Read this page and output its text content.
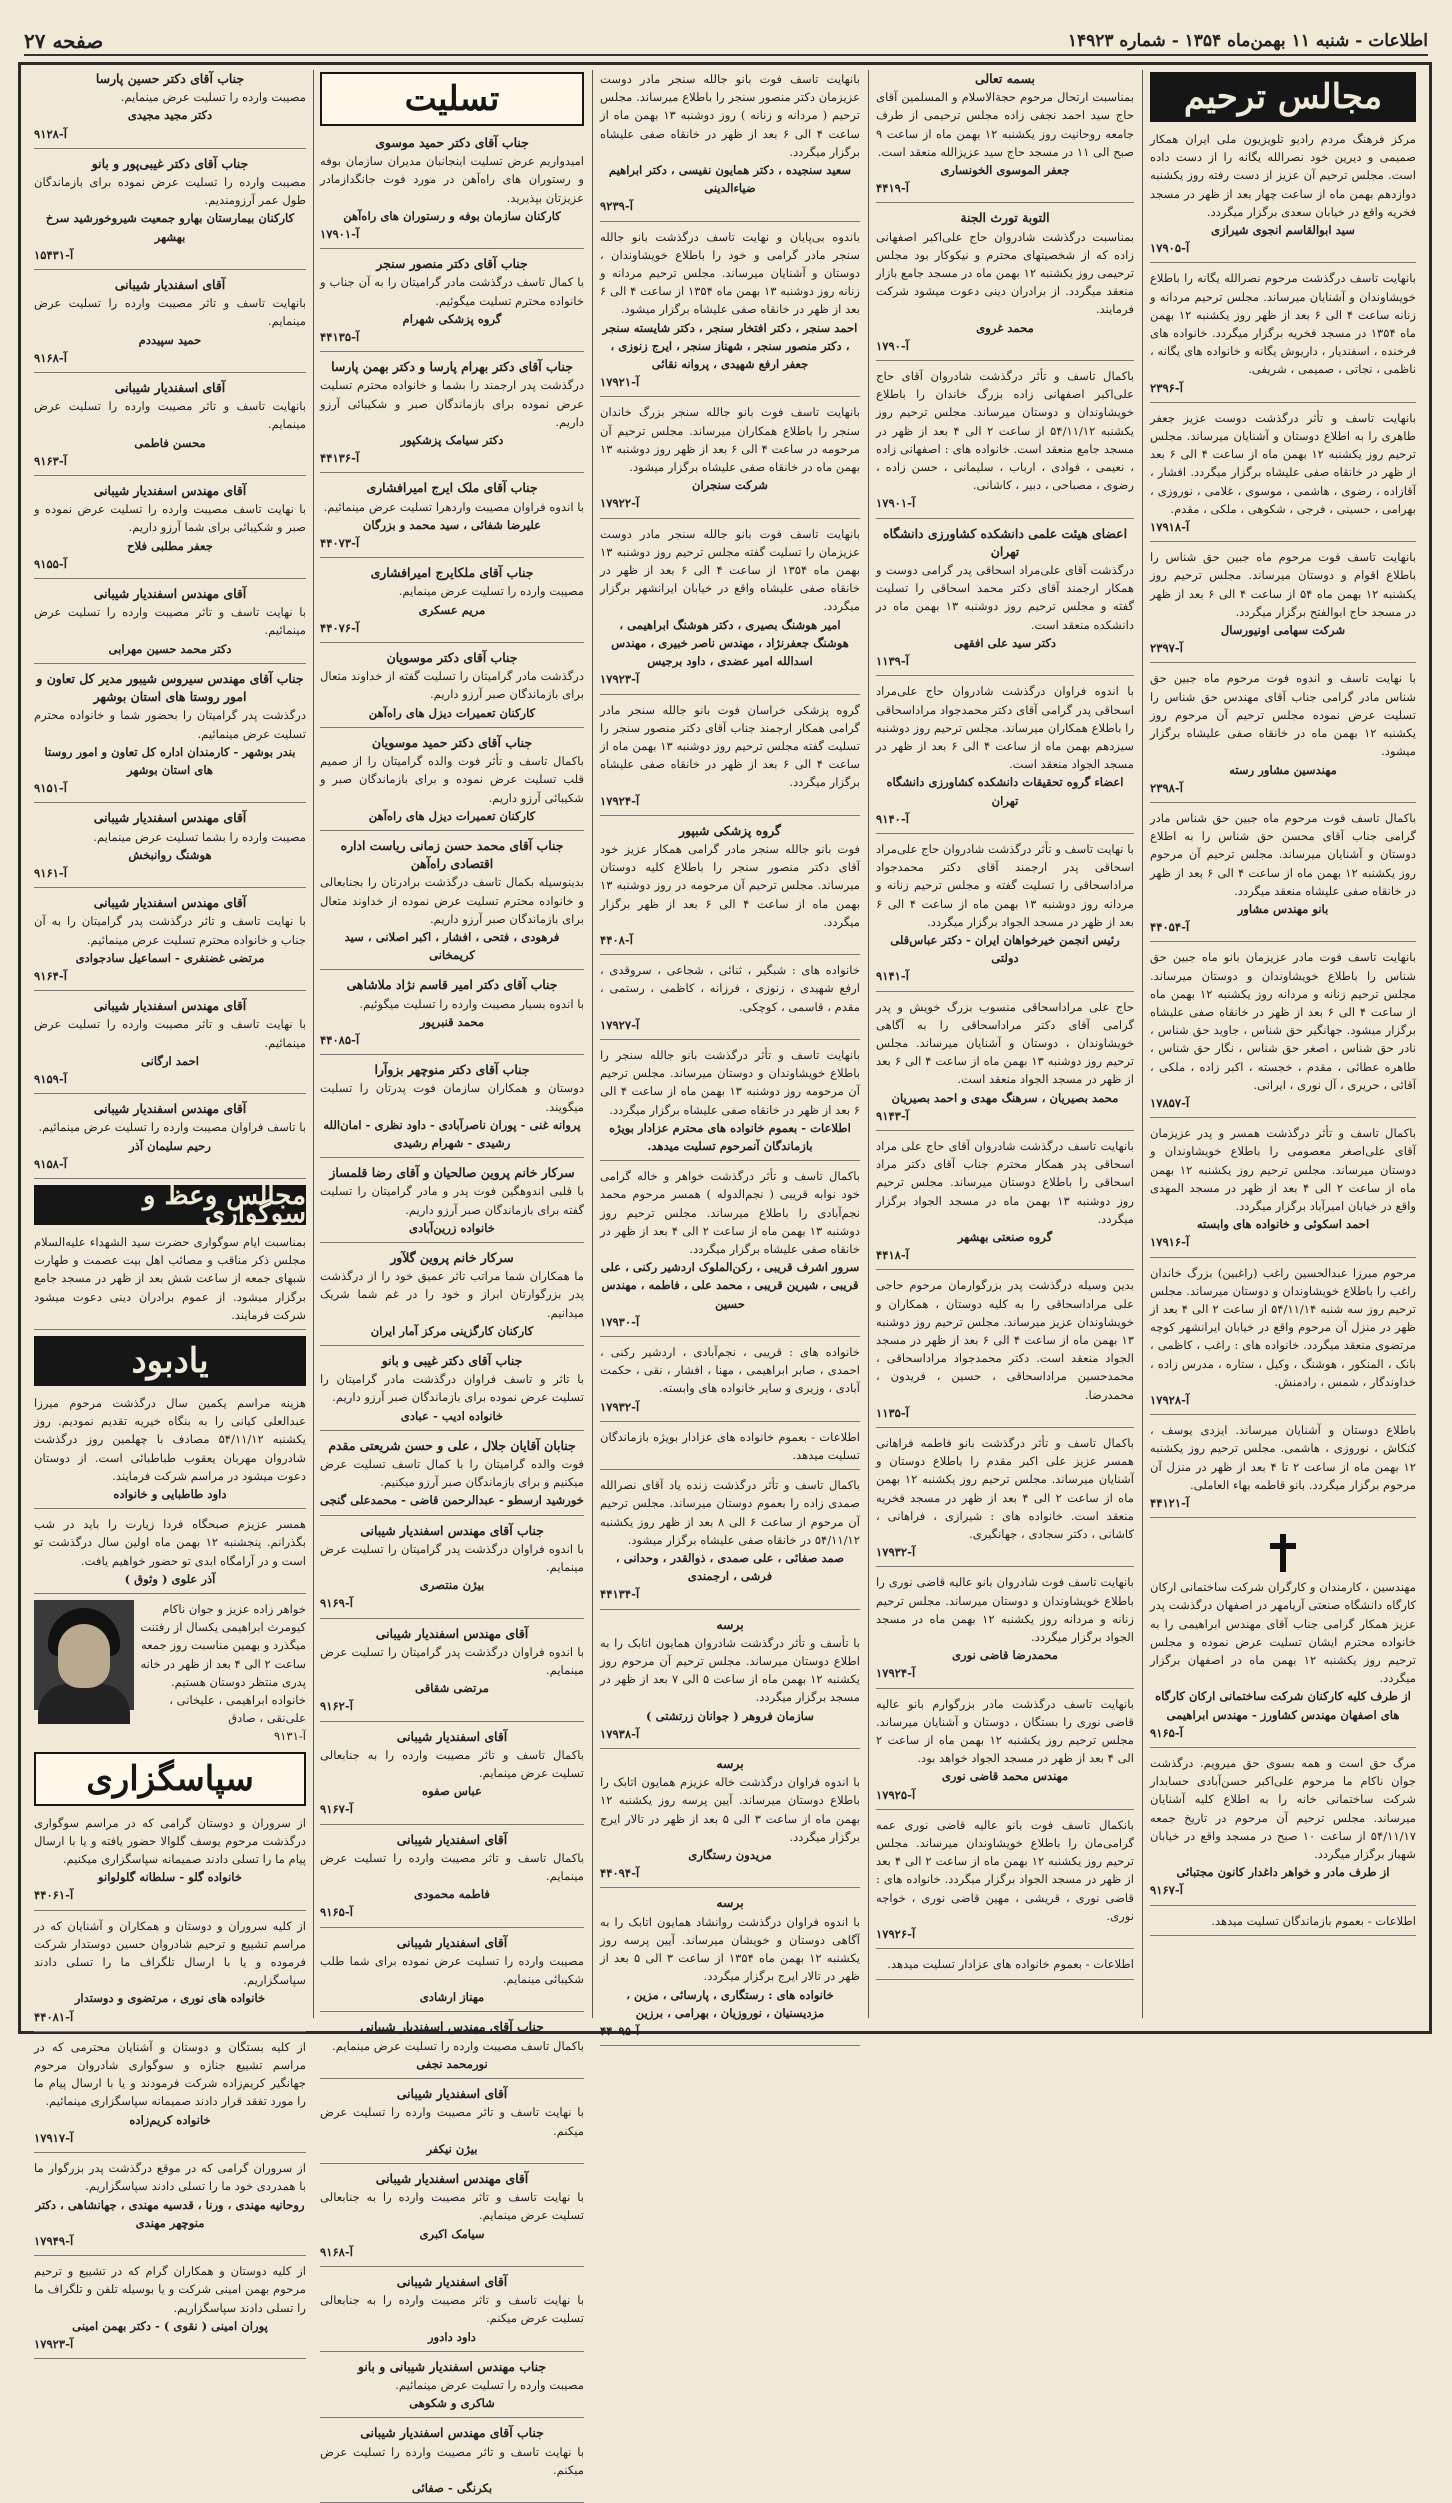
اطلاعات - شنبه ۱۱ بهمن‌ماه ۱۳۵۴ - شماره ۱۴۹۲۳
صفحه ۲۷
مجالس ترحیم
مرکز فرهنگ مردم رادیو تلویزیون ملی ایران همکار صمیمی و دیرین خود نصرالله یگانه را از دست داده است. مجلس ترحیم آن عزیز از دست رفته روز یکشنبه دوازدهم بهمن ماه از ساعت چهار بعد از ظهر در مسجد فخریه واقع در خیابان سعدی برگزار میگردد.
سید ابوالقاسم انجوی شیرازی
آ-۱۷۹۰۵
بانهایت تاسف درگذشت مرحوم نصرالله یگانه را باطلاع خویشاوندان و آشنایان میرساند. مجلس ترحیم مردانه و زنانه ساعت ۴ الی ۶ بعد از ظهر روز یکشنبه ۱۲ بهمن ماه ۱۳۵۴ در مسجد فخریه برگزار میگردد. خانواده های فرخنده ، اسفندیار ، داریوش یگانه و خانواده های یگانه ، ناظمی ، نجاتی ، صمیمی ، شریفی.
آ-۲۳۹۶
بانهایت تاسف و تأثر درگذشت دوست عزیز جعفر طاهری را به اطلاع دوستان و آشنایان میرساند. مجلس ترحیم روز یکشنبه ۱۲ بهمن ماه از ساعت ۴ الی ۶ بعد از ظهر در خانقاه صفی علیشاه برگزار میگردد. افشار ، آقازاده ، رضوی ، هاشمی ، موسوی ، غلامی ، نوروزی ، بهرامی ، حسینی ، فرجی ، شکوهی ، ملکی ، مقدم.
آ-۱۷۹۱۸
بانهایت تاسف فوت مرحوم ماه جبین حق شناس را باطلاع اقوام و دوستان میرساند. مجلس ترحیم روز یکشنبه ۱۲ بهمن ماه ۵۴ از ساعت ۴ الی ۶ بعد از ظهر در مسجد حاج ابوالفتح برگزار میگردد.
شرکت سهامی اونیورسال
آ-۲۳۹۷
با نهایت تاسف و اندوه فوت مرحوم ماه جبین حق شناس مادر گرامی جناب آقای مهندس حق شناس را تسلیت عرض نموده مجلس ترحیم آن مرحوم روز یکشنبه ۱۲ بهمن ماه در خانقاه صفی علیشاه برگزار میشود.
مهندسین مشاور رسته
آ-۲۳۹۸
باکمال تاسف فوت مرحوم ماه جبین حق شناس مادر گرامی جناب آقای محسن حق شناس را به اطلاع دوستان و آشنایان میرساند. مجلس ترحیم آن مرحوم روز یکشنبه ۱۲ بهمن ماه از ساعت ۴ الی ۶ بعد از ظهر در خانقاه صفی علیشاه منعقد میگردد.
بانو مهندس مشاور
آ-۴۴۰۵۴
بانهایت تاسف فوت مادر عزیزمان بانو ماه جبین حق شناس را باطلاع خویشاوندان و دوستان میرساند. مجلس ترحیم زنانه و مردانه روز یکشنبه ۱۲ بهمن ماه از ساعت ۴ الی ۶ بعد از ظهر در خانقاه صفی علیشاه برگزار میشود. جهانگیر حق شناس ، جاوید حق شناس ، نادر حق شناس ، اصغر حق شناس ، نگار حق شناس ، طاهره عطائی ، مقدم ، خجسته ، اکبر زاده ، ملکی ، آقائی ، حریری ، آل نوری ، ایرانی.
آ-۱۷۸۵۷
باکمال تاسف و تأثر درگذشت همسر و پدر عزیزمان آقای علی‌اصغر معصومی را باطلاع خویشاوندان و دوستان میرساند. مجلس ترحیم روز یکشنبه ۱۲ بهمن ماه از ساعت ۲ الی ۴ بعد از ظهر در مسجد المهدی واقع در خیابان امیرآباد برگزار میگردد.
احمد اسکوئی و خانواده های وابسته
آ-۱۷۹۱۶
مرحوم میرزا عبدالحسین راغب (راغبین) بزرگ خاندان راغب را باطلاع خویشاوندان و دوستان میرساند. مجلس ترحیم روز سه شنبه ۵۴/۱۱/۱۴ از ساعت ۲ الی ۴ بعد از ظهر در منزل آن مرحوم واقع در خیابان ایرانشهر کوچه مرتضوی منعقد میگردد. خانواده های : راغب ، کاظمی ، بانک ، المنکور ، هوشنگ ، وکیل ، ستاره ، مدرس زاده ، خداوندگار ، شمس ، رادمنش.
آ-۱۷۹۲۸
باطلاع دوستان و آشنایان میرساند. ایزدی یوسف ، کنکاش ، نوروزی ، هاشمی. مجلس ترحیم روز یکشنبه ۱۲ بهمن ماه از ساعت ۲ تا ۴ بعد از ظهر در منزل آن مرحوم برگزار میگردد. بانو قاطمه بهاء العاملی.
آ-۴۴۱۲۱
مهندسین ، کارمندان و کارگران شرکت ساختمانی ارکان کارگاه دانشگاه صنعتی آریامهر در اصفهان درگذشت پدر عزیز همکار گرامی جناب آقای مهندس ابراهیمی را به خانواده محترم ایشان تسلیت عرض نموده و مجلس ترحیم روز یکشنبه ۱۲ بهمن ماه در اصفهان برگزار میگردد.
از طرف کلیه کارکنان شرکت ساختمانی ارکان کارگاه های اصفهان مهندس کشاورز - مهندس ابراهیمی
آ-۹۱۶۵
مرگ حق است و همه بسوی حق میرویم. درگذشت جوان ناکام ما مرحوم علی‌اکبر حسن‌آبادی حسابدار شرکت ساختمانی خانه را به اطلاع کلیه آشنایان میرساند. مجلس ترحیم آن مرحوم در تاریخ جمعه ۵۴/۱۱/۱۷ از ساعت ۱۰ صبح در مسجد واقع در خیابان شهباز برگزار میگردد.
از طرف مادر و خواهر داغدار کانون مجتبائی
آ-۹۱۶۷
اطلاعات - بعموم بازماندگان تسلیت میدهد.
بسمه تعالی
بمناسبت ارتحال مرحوم حجة‌الاسلام و المسلمین آقای حاج سید احمد نجفی زاده مجلس ترحیمی از طرف جامعه روحانیت روز یکشنبه ۱۲ بهمن ماه از ساعت ۹ صبح الی ۱۱ در مسجد حاج سید عزیزالله منعقد است.
جعفر الموسوی الخونساری
آ-۴۴۱۹
التوبة تورث الجنة
بمناسبت درگذشت شادروان حاج علی‌اکبر اصفهانی زاده که از شخصیتهای محترم و نیکوکار بود مجلس ترحیمی روز یکشنبه ۱۲ بهمن ماه در مسجد جامع بازار منعقد میگردد. از برادران دینی دعوت میشود شرکت فرمایند.
محمد غروی
آ-۱۷۹۰
باکمال تاسف و تأثر درگذشت شادروان آقای حاج علی‌اکبر اصفهانی زاده بزرگ خاندان را باطلاع خویشاوندان و دوستان میرساند. مجلس ترحیم روز یکشنبه ۵۴/۱۱/۱۲ از ساعت ۲ الی ۴ بعد از ظهر در مسجد جامع منعقد است. خانواده های : اصفهانی زاده ، نعیمی ، فوادی ، ارباب ، سلیمانی ، حسن زاده ، رضوی ، مصباحی ، دبیر ، کاشانی.
آ-۱۷۹۰۱
اعضای هیئت علمی دانشکده کشاورزی دانشگاه تهران
درگذشت آقای علی‌مراد اسحاقی پدر گرامی دوست و همکار ارجمند آقای دکتر محمد اسحاقی را تسلیت گفته و مجلس ترحیم روز دوشنبه ۱۳ بهمن ماه در دانشکده منعقد است.
دکتر سید علی افقهی
آ-۱۱۳۹
با اندوه فراوان درگذشت شادروان حاج علی‌مراد اسحاقی پدر گرامی آقای دکتر محمد‌جواد مراداسحاقی را باطلاع همکاران میرساند. مجلس ترحیم روز دوشنبه سیزدهم بهمن ماه از ساعت ۴ الی ۶ بعد از ظهر در مسجد الجواد منعقد است.
اعضاء گروه تحقیقات دانشکده کشاورزی دانشگاه تهران
آ-۹۱۴۰
با نهایت تاسف و تأثر درگذشت شادروان حاج علی‌مراد اسحاقی پدر ارجمند آقای دکتر محمد‌جواد مراداسحاقی را تسلیت گفته و مجلس ترحیم زنانه و مردانه روز دوشنبه ۱۳ بهمن ماه از ساعت ۴ الی ۶ بعد از ظهر در مسجد الجواد برگزار میگردد.
رئیس انجمن خیرخواهان ایران - دکتر عباس‌قلی دولتی
آ-۹۱۴۱
حاج علی مراداسحاقی منسوب بزرگ خویش و پدر گرامی آقای دکتر مراداسحاقی را به آگاهی خویشاوندان ، دوستان و آشنایان میرساند. مجلس ترحیم روز دوشنبه ۱۳ بهمن ماه از ساعت ۴ الی ۶ بعد از ظهر در مسجد الجواد منعقد است.
محمد بصیریان ، سرهنگ مهدی و احمد بصیریان
آ-۹۱۴۳
بانهایت تاسف درگذشت شادروان آقای حاج علی مراد اسحاقی پدر همکار محترم جناب آقای دکتر مراد اسحاقی را باطلاع دوستان میرساند. مجلس ترحیم روز دوشنبه ۱۳ بهمن ماه در مسجد الجواد برگزار میگردد.
گروه صنعتی بهشهر
آ-۴۴۱۸
بدین وسیله درگذشت پدر بزرگوارمان مرحوم حاجی علی مراداسحاقی را به کلیه دوستان ، همکاران و خویشاوندان عزیز میرساند. مجلس ترحیم روز دوشنبه ۱۳ بهمن ماه از ساعت ۴ الی ۶ بعد از ظهر در مسجد الجواد منعقد است. دکتر محمد‌جواد مراداسحاقی ، محمدحسین مراداسحاقی ، حسین ، فریدون ، محمدرضا.
آ-۱۱۳۵
باکمال تاسف و تأثر درگذشت بانو فاطمه فراهانی همسر عزیز علی اکبر مقدم را باطلاع دوستان و آشنایان میرساند. مجلس ترحیم روز یکشنبه ۱۲ بهمن ماه از ساعت ۲ الی ۴ بعد از ظهر در مسجد فخریه منعقد است. خانواده های : شیرازی ، فراهانی ، کاشانی ، دکتر سجادی ، جهانگیری.
آ-۱۷۹۳۲
بانهایت تاسف فوت شادروان بانو عالیه قاضی نوری را باطلاع خویشاوندان و دوستان میرساند. مجلس ترحیم زنانه و مردانه روز یکشنبه ۱۲ بهمن ماه در مسجد الجواد برگزار میگردد.
محمدرضا قاضی نوری
آ-۱۷۹۲۴
بانهایت تاسف درگذشت مادر بزرگوارم بانو عالیه قاضی نوری را بستگان ، دوستان و آشنایان میرساند. مجلس ترحیم روز یکشنبه ۱۲ بهمن ماه از ساعت ۲ الی ۴ بعد از ظهر در مسجد الجواد خواهد بود.
مهندس محمد قاضی نوری
آ-۱۷۹۲۵
بانکمال تاسف فوت بانو عالیه قاضی نوری عمه گرامی‌مان را باطلاع خویشاوندان میرساند. مجلس ترحیم روز یکشنبه ۱۲ بهمن ماه از ساعت ۲ الی ۴ بعد از ظهر در مسجد الجواد برگزار میگردد. خانواده های : قاضی نوری ، قریشی ، مهین قاضی نوری ، خواجه نوری.
آ-۱۷۹۲۶
اطلاعات - بعموم خانواده های عزادار تسلیت میدهد.
بانهایت تاسف فوت بانو جالله سنجر مادر دوست عزیزمان دکتر منصور سنجر را باطلاع میرساند. مجلس ترحیم ( مردانه و زنانه ) روز دوشنبه ۱۳ بهمن ماه از ساعت ۴ الی ۶ بعد از ظهر در خانقاه صفی علیشاه برگزار میگردد.
سعید سنجیده ، دکتر همایون نفیسی ، دکتر ابراهیم ضیاءالدینی
آ-۹۲۳۹
باندوه بی‌پایان و نهایت تاسف درگذشت بانو جالله سنجر مادر گرامی و خود را باطلاع خویشاوندان ، دوستان و آشنایان میرساند. مجلس ترحیم مردانه و زنانه روز دوشنبه ۱۳ بهمن ماه ۱۳۵۴ از ساعت ۴ الی ۶ بعد از ظهر در خانقاه صفی علیشاه برگزار میشود.
احمد سنجر ، دکتر افتخار سنجر ، دکتر شایسته سنجر ، دکتر منصور سنجر ، شهناز سنجر ، ایرج زنوزی ، جعفر ارفع شهیدی ، پروانه نقائی
آ-۱۷۹۲۱
بانهایت تاسف فوت بانو جالله سنجر بزرگ خاندان سنجر را باطلاع همکاران میرساند. مجلس ترحیم آن مرحومه در ساعت ۴ الی ۶ بعد از ظهر روز دوشنبه ۱۳ بهمن ماه در خانقاه صفی علیشاه برگزار میشود.
شرکت سنجران
آ-۱۷۹۲۲
بانهایت تاسف فوت بانو جالله سنجر مادر دوست عزیزمان را تسلیت گفته مجلس ترحیم روز دوشنبه ۱۳ بهمن ماه ۱۳۵۴ از ساعت ۴ الی ۶ بعد از ظهر در خانقاه صفی علیشاه واقع در خیابان ایرانشهر برگزار میگردد.
امیر هوشنگ بصیری ، دکتر هوشنگ ابراهیمی ، هوشنگ جعفرنژاد ، مهندس ناصر خبیری ، مهندس اسدالله امیر عضدی ، داود برجیس
آ-۱۷۹۲۳
گروه پزشکی خراسان فوت بانو جالله سنجر مادر گرامی همکار ارجمند جناب آقای دکتر منصور سنجر را تسلیت گفته مجلس ترحیم روز دوشنبه ۱۳ بهمن ماه از ساعت ۴ الی ۶ بعد از ظهر در خانقاه صفی علیشاه برگزار میگردد.
آ-۱۷۹۲۴
گروه پزشکی شبپور
فوت بانو جالله سنجر مادر گرامی همکار عزیز خود آقای دکتر منصور سنجر را باطلاع کلیه دوستان میرساند. مجلس ترحیم آن مرحومه در روز دوشنبه ۱۳ بهمن ماه از ساعت ۴ الی ۶ بعد از ظهر برگزار میگردد.
آ-۴۴۰۸
خانواده های : شبگیر ، ثنائی ، شجاعی ، سروقدی ، ارفع شهیدی ، زنوزی ، فرزانه ، کاظمی ، رستمی ، مقدم ، قاسمی ، کوچکی.
آ-۱۷۹۲۷
بانهایت تاسف و تأثر درگذشت بانو جالله سنجر را باطلاع خویشاوندان و دوستان میرساند. مجلس ترحیم آن مرحومه روز دوشنبه ۱۳ بهمن ماه از ساعت ۴ الی ۶ بعد از ظهر در خانقاه صفی علیشاه برگزار میگردد.
اطلاعات - بعموم خانواده های محترم عزادار بویژه بازماندگان آنمرحوم تسلیت میدهد.
باکمال تاسف و تأثر درگذشت خواهر و خاله گرامی خود نوابه قریبی ( نجم‌الدوله ) همسر مرحوم محمد نجم‌آبادی را باطلاع میرساند. مجلس ترحیم روز دوشنبه ۱۳ بهمن ماه از ساعت ۲ الی ۴ بعد از ظهر در خانقاه صفی علیشاه برگزار میگردد.
سرور اشرف قریبی ، رکن‌الملوک اردشیر رکنی ، علی قریبی ، شیرین قریبی ، محمد علی ، فاطمه ، مهندس حسین
آ-۱۷۹۳۰
خانواده های : قریبی ، نجم‌آبادی ، اردشیر رکنی ، احمدی ، صابر ابراهیمی ، مهنا ، افشار ، نقی ، حکمت آبادی ، وزیری و سایر خانواده های وابسته.
آ-۱۷۹۳۲
اطلاعات - بعموم خانواده های عزادار بویژه بازماندگان تسلیت میدهد.
باکمال تاسف و تأثر درگذشت زنده یاد آقای نصرالله صمدی زاده را بعموم دوستان میرساند. مجلس ترحیم آن مرحوم از ساعت ۶ الی ۸ بعد از ظهر روز یکشنبه ۵۴/۱۱/۱۲ در خانقاه صفی علیشاه برگزار میشود.
صمد صفائی ، علی صمدی ، ذوالقدر ، وحدانی ، فرشی ، ارجمندی
آ-۴۴۱۳۴
برسه
با تأسف و تأثر درگذشت شادروان همایون اتابک را به اطلاع دوستان میرساند. مجلس ترحیم آن مرحوم روز یکشنبه ۱۲ بهمن ماه از ساعت ۵ الی ۷ بعد از ظهر در مسجد برگزار میگردد.
سازمان فروهر ( جوانان زرتشتی )
آ-۱۷۹۳۸
برسه
با اندوه فراوان درگذشت خاله عزیزم همایون اتابک را باطلاع دوستان میرساند. آیین پرسه روز یکشنبه ۱۲ بهمن ماه از ساعت ۳ الی ۵ بعد از ظهر در تالار ایرج برگزار میگردد.
مریدون رستگاری
آ-۴۴۰۹۴
برسه
با اندوه فراوان درگذشت روانشاد همایون اتابک را به آگاهی دوستان و خویشان میرساند. آیین پرسه روز یکشنبه ۱۲ بهمن ماه ۱۳۵۴ از ساعت ۳ الی ۵ بعد از ظهر در تالار ایرج برگزار میگردد.
خانواده های : رستگاری ، پارسائی ، مزین ، مزدیسنیان ، نوروزیان ، بهرامی ، برزین
آ-۴۴۰۹۵
تسلیت
جناب آقای دکتر حمید موسوی
امیدواریم عرض تسلیت اینجانبان مدیران سازمان بوفه و رستوران های راه‌آهن در مورد فوت جانگدازمادر عزیزتان بپذیرید.
کارکنان سازمان بوفه و رستوران های راه‌آهن
آ-۱۷۹۰۱
جناب آقای دکتر منصور سنجر
با کمال تاسف درگذشت مادر گرامیتان را به آن جناب و خانواده محترم تسلیت میگوئیم.
گروه پزشکی شهرام
آ-۴۴۱۳۵
جناب آقای دکتر بهرام پارسا و دکتر بهمن پارسا
درگذشت پدر ارجمند را بشما و خانواده محترم تسلیت عرض نموده برای بازماندگان صبر و شکیبائی آرزو داریم.
دکتر سیامک پزشکپور
آ-۴۴۱۳۶
جناب آقای ملک ایرج امیرافشاری
با اندوه فراوان مصیبت واردهرا تسلیت عرض مینمائیم.
علیرضا شفائی ، سید محمد و بزرگان
آ-۴۴۰۷۳
جناب آقای ملکایرج امیرافشاری
مصیبت وارده را تسلیت عرض مینمایم.
مریم عسکری
آ-۴۴۰۷۶
جناب آقای دکتر موسویان
درگذشت مادر گرامیتان را تسلیت گفته از خداوند متعال برای بازماندگان صبر آرزو داریم.
کارکنان تعمیرات دیزل های راه‌آهن
جناب آقای دکتر حمید موسویان
باکمال تاسف و تأثر فوت والده گرامیتان را از صمیم قلب تسلیت عرض نموده و برای بازماندگان صبر و شکیبائی آرزو داریم.
کارکنان تعمیرات دیزل های راه‌آهن
جناب آقای محمد حسن زمانی ریاست اداره اقتصادی راه‌آهن
بدینوسیله بکمال تاسف درگذشت برادرتان را بجنابعالی و خانواده محترم تسلیت عرض نموده از خداوند متعال برای بازماندگان صبر آرزو داریم.
فرهودی ، فتحی ، افشار ، اکبر اصلانی ، سید کریمخانی
جناب آقای دکتر امیر قاسم نژاد ملاشاهی
با اندوه بسیار مصیبت وارده را تسلیت میگوئیم.
محمد قنبرپور
آ-۴۴۰۸۵
جناب آقای دکتر منوچهر بزوآرا
دوستان و همکاران سازمان فوت پدرتان را تسلیت میگویند.
پروانه غنی - پوران ناصرآبادی - داود نظری - امان‌الله رشیدی - شهرام رشیدی
سرکار خانم پروین صالحیان و آقای رضا قلمساز
با قلبی اندوهگین فوت پدر و مادر گرامیتان را تسلیت گفته برای بازماندگان صبر آرزو داریم.
خانواده زرین‌آبادی
سرکار خانم پروین گلآور
ما همکاران شما مراتب تاثر عمیق خود را از درگذشت پدر بزرگوارتان ابراز و خود را در غم شما شریک میدانیم.
کارکنان کارگزینی مرکز آمار ایران
جناب آقای دکتر غیبی و بانو
با تاثر و تاسف فراوان درگذشت مادر گرامیتان را تسلیت عرض نموده برای بازماندگان صبر آرزو داریم.
خانواده ادیب - عبادی
جنابان آقایان جلال ، علی و حسن شریعتی مقدم
فوت والده گرامیتان را با کمال تاسف تسلیت عرض میکنیم و برای بازماندگان صبر آرزو میکنیم.
خورشید ارسطو - عبدالرحمن قاضی - محمدعلی گنجی
جناب آقای مهندس اسفندیار شیبانی
با اندوه فراوان درگذشت پدر گرامیتان را تسلیت عرض مینمایم.
بیژن منتصری
آ-۹۱۶۹
آقای مهندس اسفندیار شیبانی
با اندوه فراوان درگذشت پدر گرامیتان را تسلیت عرض مینمایم.
مرتضی شقاقی
آ-۹۱۶۲
آقای اسفندیار شیبانی
باکمال تاسف و تاثر مصیبت وارده را به جنابعالی تسلیت عرض مینمایم.
عباس صفوه
آ-۹۱۶۷
آقای اسفندیار شیبانی
باکمال تاسف و تاثر مصیبت وارده را تسلیت عرض مینمایم.
فاطمه محمودی
آ-۹۱۶۵
آقای اسفندیار شیبانی
مصیبت وارده را تسلیت عرض نموده برای شما طلب شکیبائی مینمایم.
مهناز ارشادی
جناب آقای مهندس اسفندیار شیبانی
باکمال تاسف مصیبت وارده را تسلیت عرض مینمایم.
نورمحمد نجفی
آقای اسفندیار شیبانی
با نهایت تاسف و تاثر مصیبت وارده را تسلیت عرض میکنم.
بیژن نیکفر
آقای مهندس اسفندیار شیبانی
با نهایت تاسف و تاثر مصیبت وارده را به جنابعالی تسلیت عرض مینمایم.
سیامک اکبری
آ-۹۱۶۸
آقای اسفندیار شیبانی
با نهایت تاسف و تاثر مصیبت وارده را به جنابعالی تسلیت عرض میکنم.
داود دادور
جناب مهندس اسفندیار شیبانی و بانو
مصیبت وارده را تسلیت عرض مینمائیم.
شاکری و شکوهی
جناب آقای مهندس اسفندیار شیبانی
با نهایت تاسف و تاثر مصیبت وارده را تسلیت عرض میکنم.
بکرنگی - صفائی
جناب آقای دکتر حسین پارسا
مصیبت وارده را تسلیت عرض مینمایم.
دکتر مجید مجیدی
آ-۹۱۲۸
جناب آقای دکتر غیبی‌پور و بانو
مصیبت وارده را تسلیت عرض نموده برای بازماندگان طول عمر آرزومندیم.
کارکنان بیمارستان بهارو جمعیت شیروخورشید سرخ بهشهر
آ-۱۵۴۳۱
آقای اسفندیار شیبانی
بانهایت تاسف و تاثر مصیبت وارده را تسلیت عرض مینمایم.
حمید سپیددم
آ-۹۱۶۸
آقای اسفندیار شیبانی
بانهایت تاسف و تاثر مصیبت وارده را تسلیت عرض مینمایم.
محسن فاطمی
آ-۹۱۶۳
آقای مهندس اسفندیار شیبانی
با نهایت تاسف مصیبت وارده را تسلیت عرض نموده و صبر و شکیبائی برای شما آرزو داریم.
جعفر مطلبی فلاح
آ-۹۱۵۵
آقای مهندس اسفندیار شیبانی
با نهایت تاسف و تاثر مصیبت وارده را تسلیت عرض مینمائیم.
دکتر محمد حسین مهرابی
جناب آقای مهندس سیروس شیبور مدیر کل تعاون و امور روستا های استان بوشهر
درگذشت پدر گرامیتان را بحضور شما و خانواده محترم تسلیت عرض مینمائیم.
بندر بوشهر - کارمندان اداره کل تعاون و امور روستا های استان بوشهر
آ-۹۱۵۱
آقای مهندس اسفندیار شیبانی
مصیبت وارده را بشما تسلیت عرض مینمایم.
هوشنگ روانبخش
آ-۹۱۶۱
آقای مهندس اسفندیار شیبانی
با نهایت تاسف و تاثر درگذشت پدر گرامیتان را به آن جناب و خانواده محترم تسلیت عرض مینمائیم.
مرتضی غضنفری - اسماعیل سادجوادی
آ-۹۱۶۴
آقای مهندس اسفندیار شیبانی
با نهایت تاسف و تاثر مصیبت وارده را تسلیت عرض مینمائیم.
احمد ارگانی
آ-۹۱۵۹
آقای مهندس اسفندیار شیبانی
با تاسف فراوان مصیبت وارده را تسلیت عرض مینمائیم.
رحیم سلیمان آذر
آ-۹۱۵۸
مجالس وعظ و سوگواری
بمناسبت ایام سوگواری حضرت سید الشهداء علیه‌السلام مجلس ذکر مناقب و مصائب اهل بیت عصمت و طهارت شبهای جمعه از ساعت شش بعد از ظهر در مسجد جامع برگزار میشود. از عموم برادران دینی دعوت میشود شرکت فرمایند.
یادبود
هزینه مراسم یکمین سال درگذشت مرحوم میرزا عبدالعلی کیانی را به بنگاه خیریه تقدیم نمودیم. روز یکشنبه ۵۴/۱۱/۱۲ مصادف با چهلمین روز درگذشت شادروان مهربان یعقوب طباطبائی است. از دوستان دعوت میشود در مراسم شرکت فرمایند.
داود طاطبایی و خانواده
همسر عزیزم صبحگاه فردا زیارت را باید در شب بگذرانم. پنجشنبه ۱۲ بهمن ماه اولین سال درگذشت تو است و در آرامگاه ابدی تو حضور خواهیم یافت.
آذر علوی ( وثوق )
خواهر زاده عزیز و جوان ناکام کیومرث ابراهیمی یکسال از رفتنت میگذرد و بهمین مناسبت روز جمعه ساعت ۲ الی ۴ بعد از ظهر در خانه پدری منتظر دوستان هستیم.
خانواده ابراهیمی ، علیخانی ، علی‌نقی ، صادق
آ-۹۱۳۱
سپاسگزاری
از سروران و دوستان گرامی که در مراسم سوگواری درگذشت مرحوم یوسف گلوالا حضور یافته و یا با ارسال پیام ما را تسلی دادند صمیمانه سپاسگزاری میکنیم.
خانواده گلو - سلطانه گلولوانو
آ-۴۴۰۶۱
از کلیه سروران و دوستان و همکاران و آشنایان که در مراسم تشییع و ترحیم شادروان حسین دوستدار شرکت فرموده و یا با ارسال تلگراف ما را تسلی دادند سپاسگزاریم.
خانواده های نوری ، مرتضوی و دوستدار
آ-۴۴۰۸۱
از کلیه بستگان و دوستان و آشنایان محترمی که در مراسم تشییع جنازه و سوگواری شادروان مرحوم جهانگیر کریم‌زاده شرکت فرمودند و یا با ارسال پیام ما را مورد تفقد قرار دادند صمیمانه سپاسگزاری مینمائیم.
خانواده کریم‌زاده
آ-۱۷۹۱۷
از سروران گرامی که در موقع درگذشت پدر بزرگوار ما با همدردی خود ما را تسلی دادند سپاسگزاریم.
روحانیه مهندی ، ورنا ، قدسیه مهندی ، جهانشاهی ، دکتر منوچهر مهندی
آ-۱۷۹۴۹
از کلیه دوستان و همکاران گرام که در تشییع و ترحیم مرحوم بهمن امینی شرکت و یا بوسیله تلفن و تلگراف ما را تسلی دادند سپاسگزاریم.
پوران امینی ( نقوی ) - دکتر بهمن امینی
آ-۱۷۹۲۳
